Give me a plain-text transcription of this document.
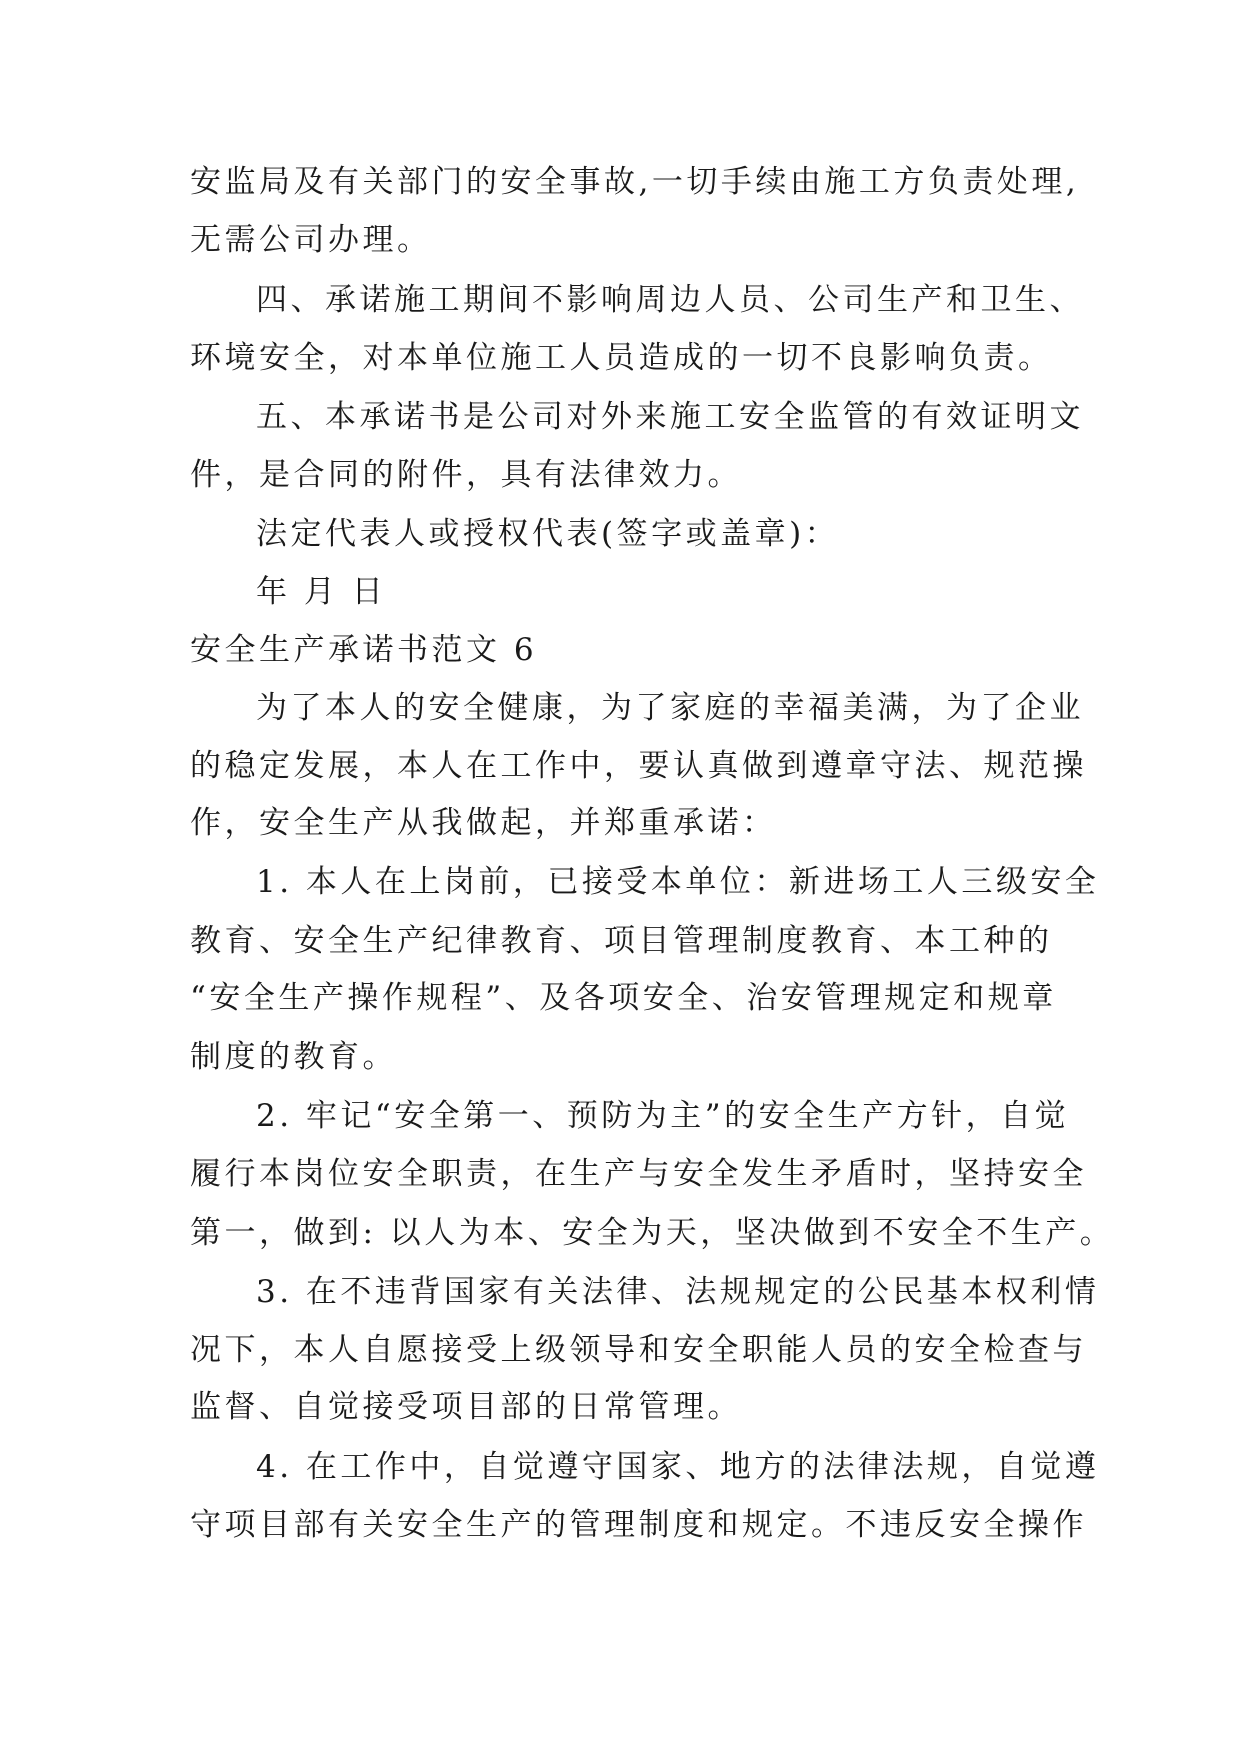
安监局及有关部门的安全事故,一切手续由施工方负责处理,
无需公司办理。
四、承诺施工期间不影响周边人员、公司生产和卫生、
环境安全，对本单位施工人员造成的一切不良影响负责。
五、本承诺书是公司对外来施工安全监管的有效证明文
件，是合同的附件，具有法律效力。
法定代表人或授权代表(签字或盖章)：
年 月 日
安全生产承诺书范文 6
为了本人的安全健康，为了家庭的幸福美满，为了企业
的稳定发展，本人在工作中，要认真做到遵章守法、规范操
作，安全生产从我做起，并郑重承诺：
1. 本人在上岗前，已接受本单位：新进场工人三级安全
教育、安全生产纪律教育、项目管理制度教育、本工种的
“安全生产操作规程”、及各项安全、治安管理规定和规章
制度的教育。
2. 牢记“安全第一、预防为主”的安全生产方针，自觉
履行本岗位安全职责，在生产与安全发生矛盾时，坚持安全
第一，做到: 以人为本、安全为天，坚决做到不安全不生产。
3. 在不违背国家有关法律、法规规定的公民基本权利情
况下，本人自愿接受上级领导和安全职能人员的安全检查与
监督、自觉接受项目部的日常管理。
4. 在工作中，自觉遵守国家、地方的法律法规，自觉遵
守项目部有关安全生产的管理制度和规定。不违反安全操作
